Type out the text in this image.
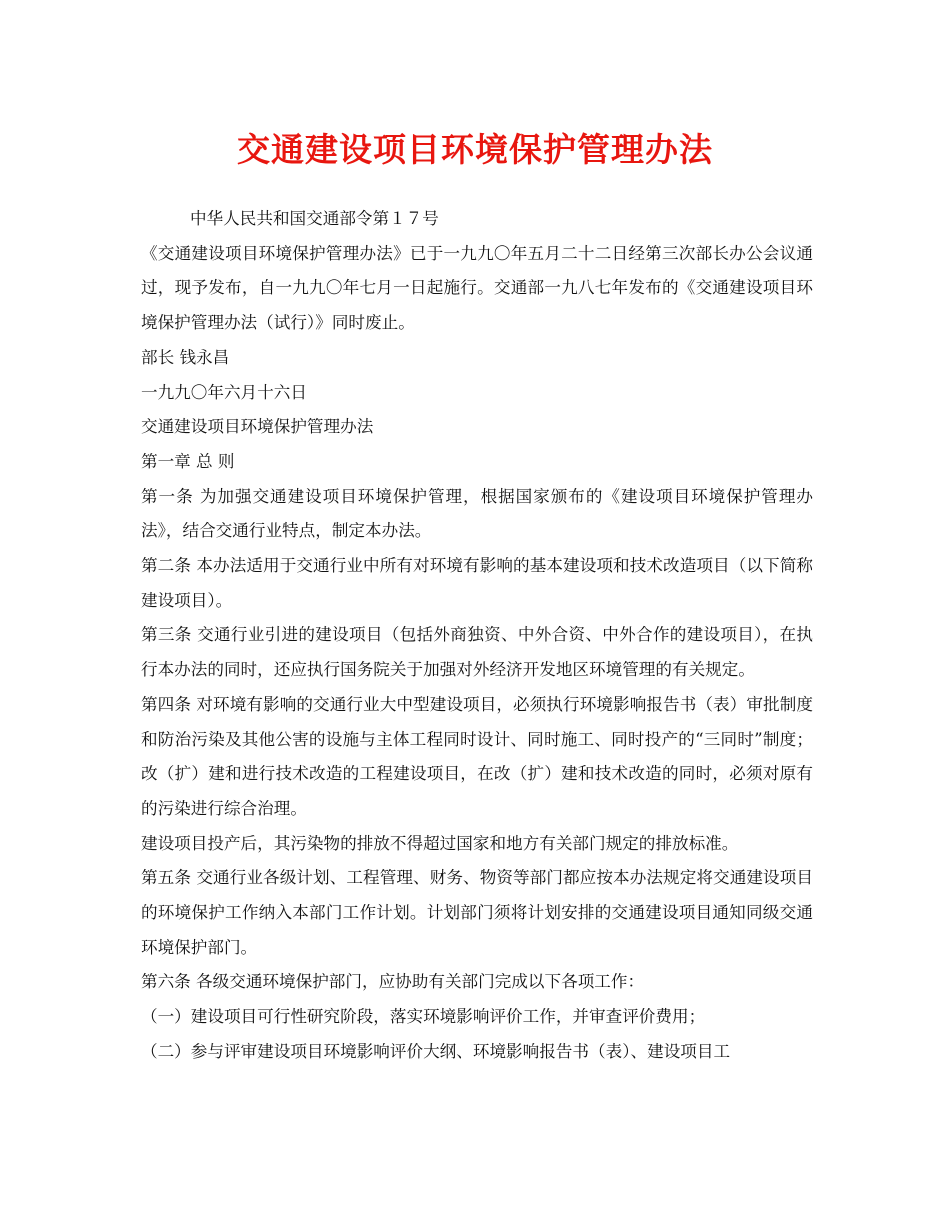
交通建设项目环境保护管理办法

中华人民共和国交通部令第１７号

《交通建设项目环境保护管理办法》已于一九九〇年五月二十二日经第三次部长办公会议通过，现予发布，自一九九〇年七月一日起施行。交通部一九八七年发布的《交通建设项目环境保护管理办法（试行）》同时废止。

部长 钱永昌

一九九〇年六月十六日

交通建设项目环境保护管理办法

第一章 总 则

第一条 为加强交通建设项目环境保护管理，根据国家颁布的《建设项目环境保护管理办法》，结合交通行业特点，制定本办法。

第二条 本办法适用于交通行业中所有对环境有影响的基本建设项和技术改造项目（以下简称建设项目）。

第三条 交通行业引进的建设项目（包括外商独资、中外合资、中外合作的建设项目），在执行本办法的同时，还应执行国务院关于加强对外经济开发地区环境管理的有关规定。

第四条 对环境有影响的交通行业大中型建设项目，必须执行环境影响报告书（表）审批制度和防治污染及其他公害的设施与主体工程同时设计、同时施工、同时投产的“三同时”制度；改（扩）建和进行技术改造的工程建设项目，在改（扩）建和技术改造的同时，必须对原有的污染进行综合治理。

建设项目投产后，其污染物的排放不得超过国家和地方有关部门规定的排放标准。

第五条 交通行业各级计划、工程管理、财务、物资等部门都应按本办法规定将交通建设项目的环境保护工作纳入本部门工作计划。计划部门须将计划安排的交通建设项目通知同级交通环境保护部门。

第六条 各级交通环境保护部门，应协助有关部门完成以下各项工作：

（一）建设项目可行性研究阶段，落实环境影响评价工作，并审查评价费用；

（二）参与评审建设项目环境影响评价大纲、环境影响报告书（表）、建设项目工
